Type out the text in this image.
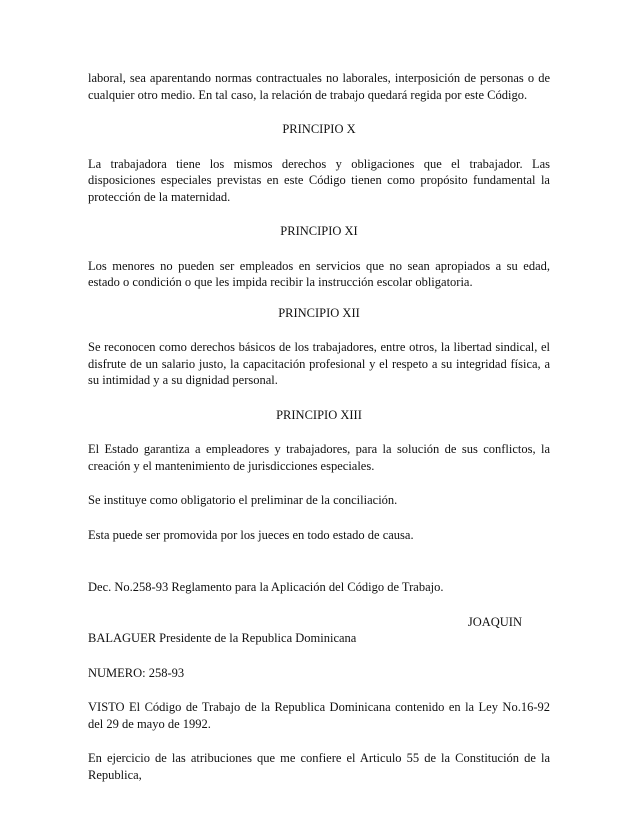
laboral, sea aparentando normas contractuales no laborales, interposición de personas o de cualquier otro medio. En tal caso, la relación de trabajo quedará regida por este Código.

PRINCIPIO X

La trabajadora tiene los mismos derechos y obligaciones que el trabajador. Las disposiciones especiales previstas en este Código tienen como propósito fundamental la protección de la maternidad.

PRINCIPIO XI

Los menores no pueden ser empleados en servicios que no sean apropiados a su edad, estado o condición o que les impida recibir la instrucción escolar obligatoria.

PRINCIPIO XII

Se reconocen como derechos básicos de los trabajadores, entre otros, la libertad sindical, el disfrute de un salario justo, la capacitación profesional y el respeto a su integridad física, a su intimidad y a su dignidad personal.

PRINCIPIO XIII

El Estado garantiza a empleadores y trabajadores, para la solución de sus conflictos, la creación y el mantenimiento de jurisdicciones especiales.

Se instituye como obligatorio el preliminar de la conciliación.

Esta puede ser promovida por los jueces en todo estado de causa.

Dec. No.258-93 Reglamento para la Aplicación del Código de Trabajo.

JOAQUIN

BALAGUER Presidente de la Republica Dominicana

NUMERO: 258-93

VISTO El Código de Trabajo de la Republica Dominicana contenido en la Ley No.16-92 del 29 de mayo de 1992.

En ejercicio de las atribuciones que me confiere el Articulo 55 de la Constitución de la Republica,
